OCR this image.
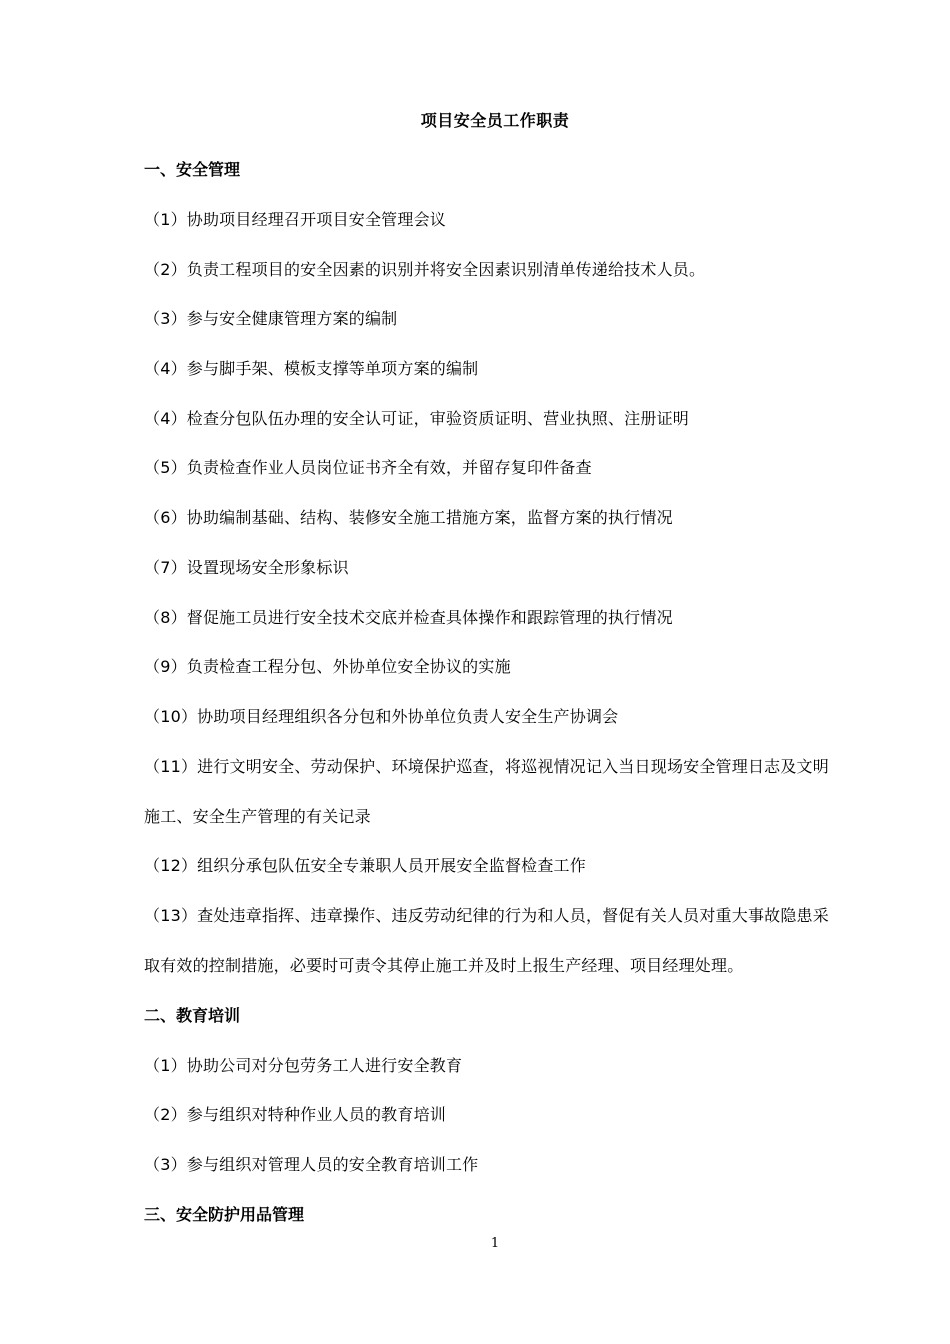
项目安全员工作职责
一、安全管理
（1）协助项目经理召开项目安全管理会议
（2）负责工程项目的安全因素的识别并将安全因素识别清单传递给技术人员。
（3）参与安全健康管理方案的编制
（4）参与脚手架、模板支撑等单项方案的编制
（4）检查分包队伍办理的安全认可证，审验资质证明、营业执照、注册证明
（5）负责检查作业人员岗位证书齐全有效，并留存复印件备查
（6）协助编制基础、结构、装修安全施工措施方案，监督方案的执行情况
（7）设置现场安全形象标识
（8）督促施工员进行安全技术交底并检查具体操作和跟踪管理的执行情况
（9）负责检查工程分包、外协单位安全协议的实施
（10）协助项目经理组织各分包和外协单位负责人安全生产协调会
（11）进行文明安全、劳动保护、环境保护巡查，将巡视情况记入当日现场安全管理日志及文明
施工、安全生产管理的有关记录
（12）组织分承包队伍安全专兼职人员开展安全监督检查工作
（13）查处违章指挥、违章操作、违反劳动纪律的行为和人员，督促有关人员对重大事故隐患采
取有效的控制措施，必要时可责令其停止施工并及时上报生产经理、项目经理处理。
二、教育培训
（1）协助公司对分包劳务工人进行安全教育
（2）参与组织对特种作业人员的教育培训
（3）参与组织对管理人员的安全教育培训工作
三、安全防护用品管理
1
